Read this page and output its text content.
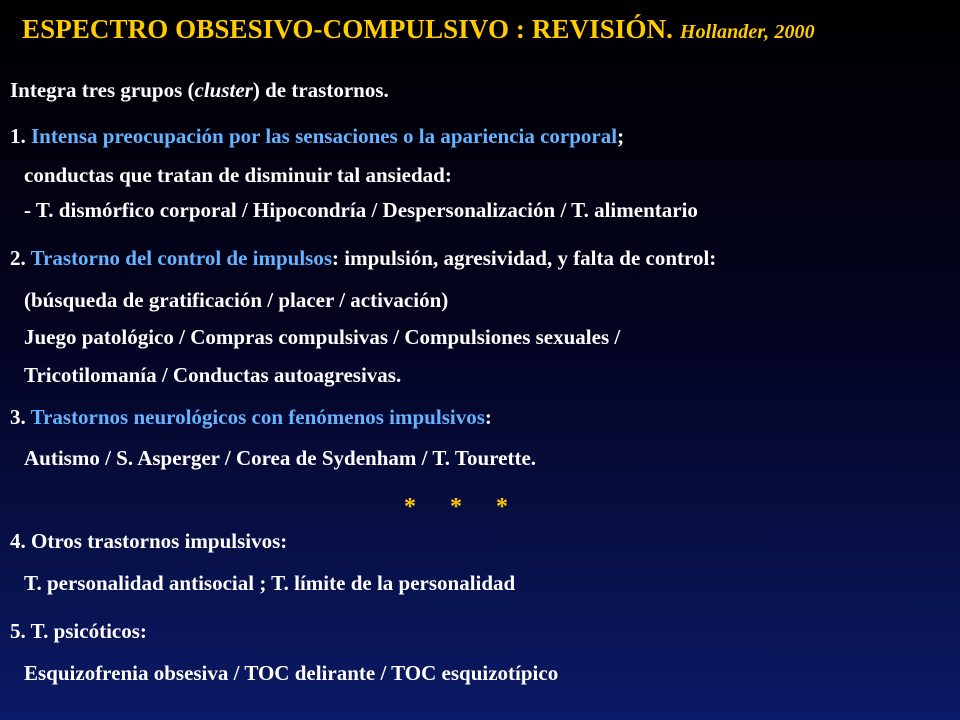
ESPECTRO OBSESIVO-COMPULSIVO : REVISIÓN. Hollander, 2000
Integra tres grupos (cluster) de trastornos.
1. Intensa preocupación por las sensaciones o la apariencia corporal;
conductas que tratan de disminuir tal ansiedad:
- T. dismórfico corporal / Hipocondría / Despersonalización / T. alimentario
2. Trastorno del control de impulsos: impulsión, agresividad, y falta de control:
(búsqueda de gratificación / placer / activación)
Juego patológico / Compras compulsivas / Compulsiones sexuales /
Tricotilomanía / Conductas autoagresivas.
3. Trastornos neurológicos con fenómenos impulsivos:
Autismo / S. Asperger / Corea de Sydenham / T. Tourette.
* * *
4. Otros trastornos impulsivos:
T. personalidad antisocial ; T. límite de la personalidad
5. T. psicóticos:
Esquizofrenia obsesiva / TOC delirante / TOC esquizotípico
